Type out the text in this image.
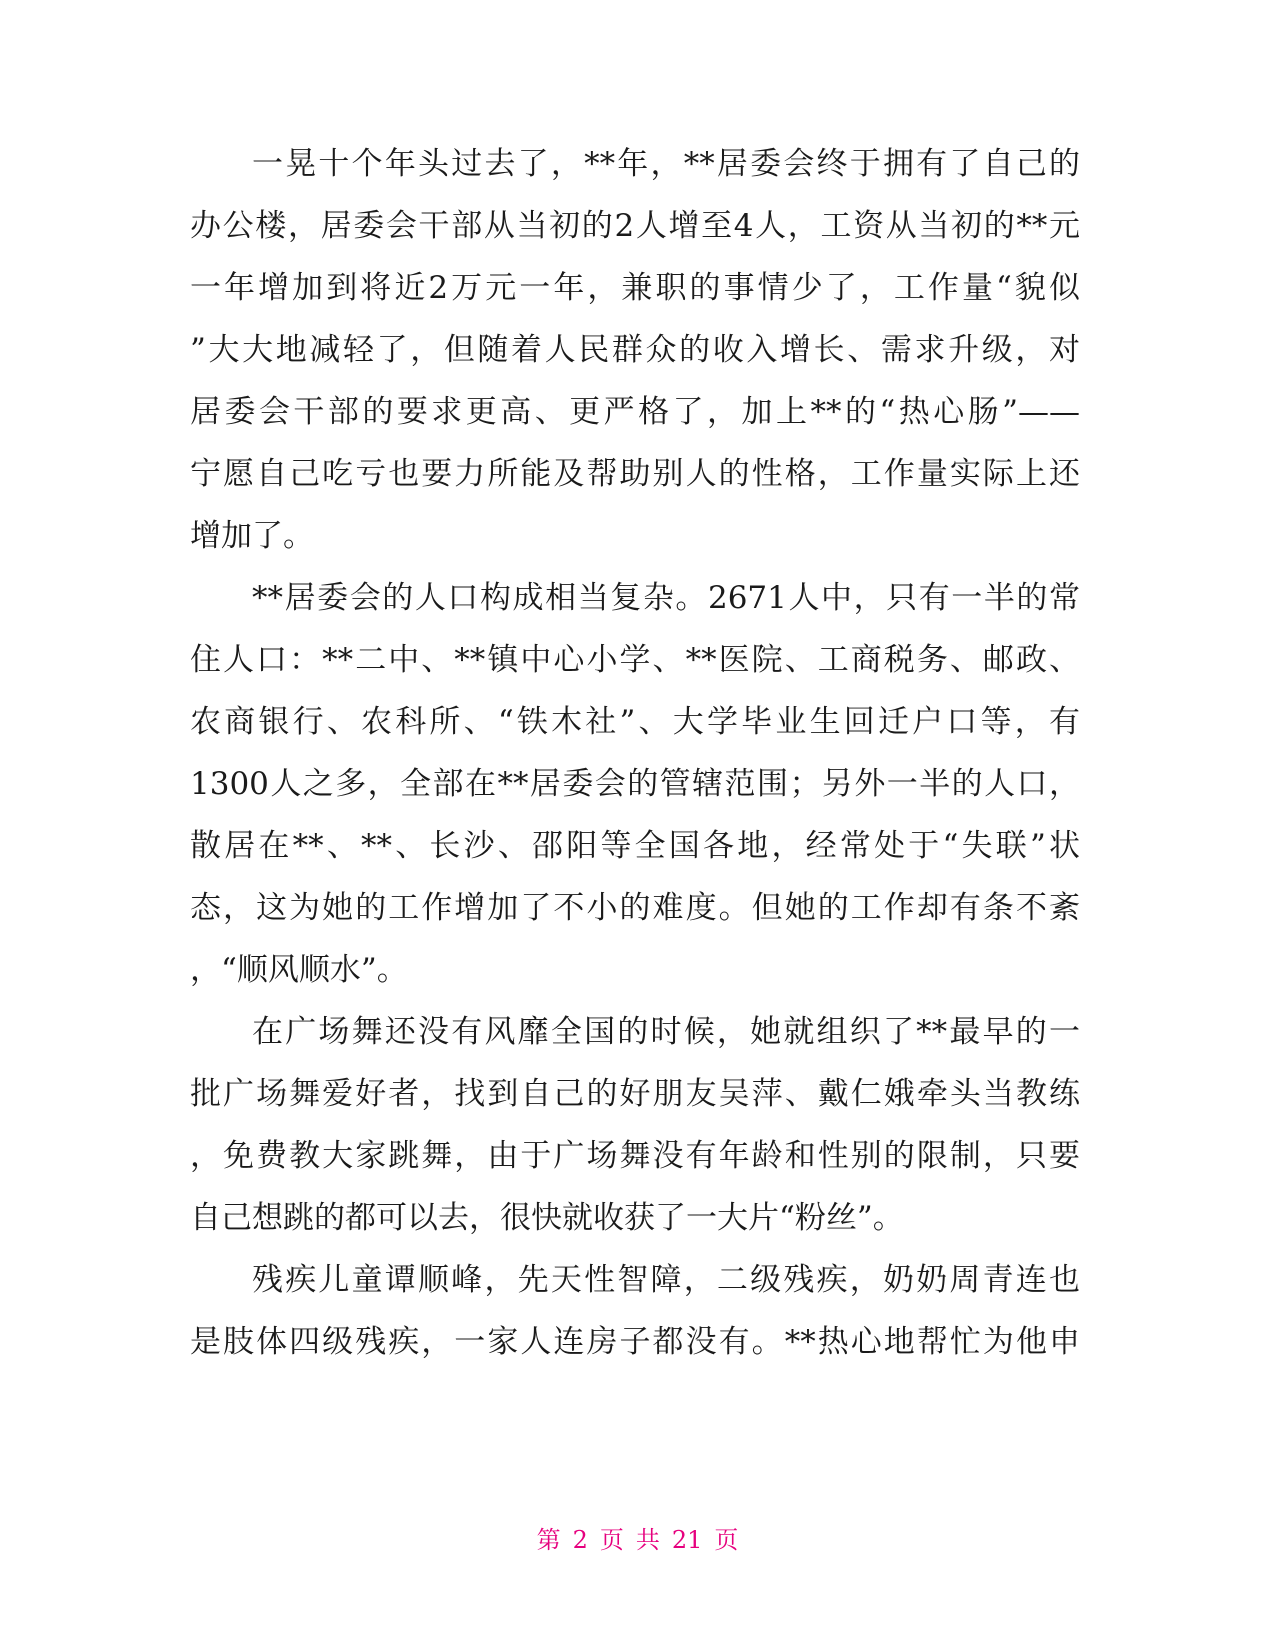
一晃十个年头过去了，**年，**居委会终于拥有了自己的
办公楼，居委会干部从当初的2人增至4人，工资从当初的**元
一年增加到将近2万元一年，兼职的事情少了，工作量“貌似
”大大地减轻了，但随着人民群众的收入增长、需求升级，对
居委会干部的要求更高、更严格了，加上**的“热心肠”——
宁愿自己吃亏也要力所能及帮助别人的性格，工作量实际上还
增加了。
**居委会的人口构成相当复杂。2671人中，只有一半的常
住人口：**二中、**镇中心小学、**医院、工商税务、邮政、
农商银行、农科所、“铁木社”、大学毕业生回迁户口等，有
1300人之多，全部在**居委会的管辖范围；另外一半的人口，
散居在**、**、长沙、邵阳等全国各地，经常处于“失联”状
态，这为她的工作增加了不小的难度。但她的工作却有条不紊
，“顺风顺水”。
在广场舞还没有风靡全国的时候，她就组织了**最早的一
批广场舞爱好者，找到自己的好朋友吴萍、戴仁娥牵头当教练
，免费教大家跳舞，由于广场舞没有年龄和性别的限制，只要
自己想跳的都可以去，很快就收获了一大片“粉丝”。
残疾儿童谭顺峰，先天性智障，二级残疾，奶奶周青连也
是肢体四级残疾，一家人连房子都没有。**热心地帮忙为他申
第 2 页 共 21 页
